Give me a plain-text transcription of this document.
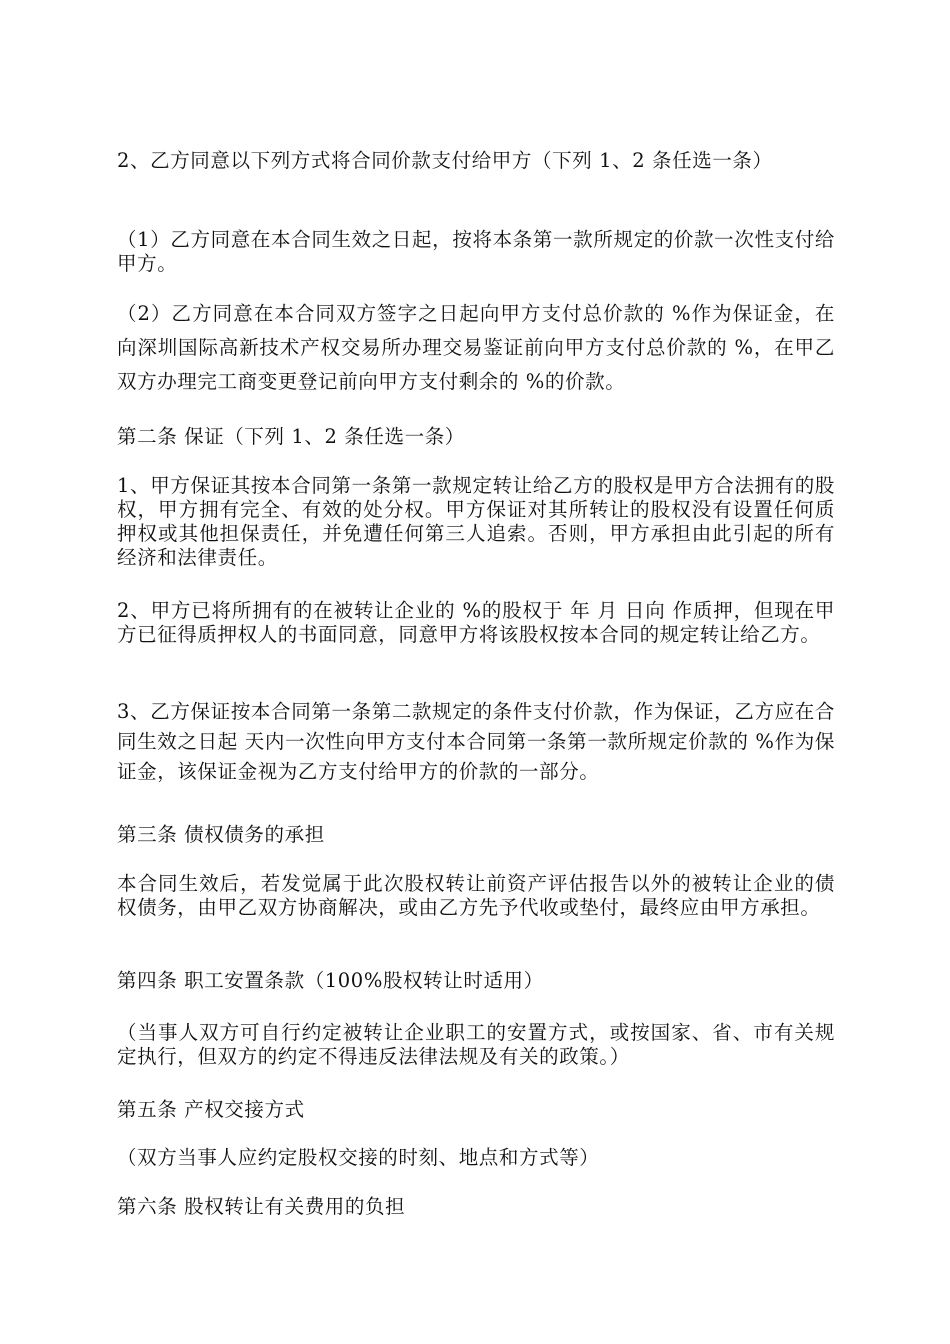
2、乙方同意以下列方式将合同价款支付给甲方（下列 1、2 条任选一条）

（1）乙方同意在本合同生效之日起，按将本条第一款所规定的价款一次性支付给甲方。

（2）乙方同意在本合同双方签字之日起向甲方支付总价款的 %作为保证金，在向深圳国际高新技术产权交易所办理交易鉴证前向甲方支付总价款的 %，在甲乙双方办理完工商变更登记前向甲方支付剩余的 %的价款。

第二条 保证（下列 1、2 条任选一条）

1、甲方保证其按本合同第一条第一款规定转让给乙方的股权是甲方合法拥有的股权，甲方拥有完全、有效的处分权。甲方保证对其所转让的股权没有设置任何质押权或其他担保责任，并免遭任何第三人追索。否则，甲方承担由此引起的所有经济和法律责任。

2、甲方已将所拥有的在被转让企业的 %的股权于 年 月 日向 作质押，但现在甲方已征得质押权人的书面同意，同意甲方将该股权按本合同的规定转让给乙方。

3、乙方保证按本合同第一条第二款规定的条件支付价款，作为保证，乙方应在合同生效之日起 天内一次性向甲方支付本合同第一条第一款所规定价款的 %作为保证金，该保证金视为乙方支付给甲方的价款的一部分。

第三条 债权债务的承担

本合同生效后，若发觉属于此次股权转让前资产评估报告以外的被转让企业的债权债务，由甲乙双方协商解决，或由乙方先予代收或垫付，最终应由甲方承担。

第四条 职工安置条款（100%股权转让时适用）

（当事人双方可自行约定被转让企业职工的安置方式，或按国家、省、市有关规定执行，但双方的约定不得违反法律法规及有关的政策。）

第五条 产权交接方式

（双方当事人应约定股权交接的时刻、地点和方式等）

第六条 股权转让有关费用的负担
